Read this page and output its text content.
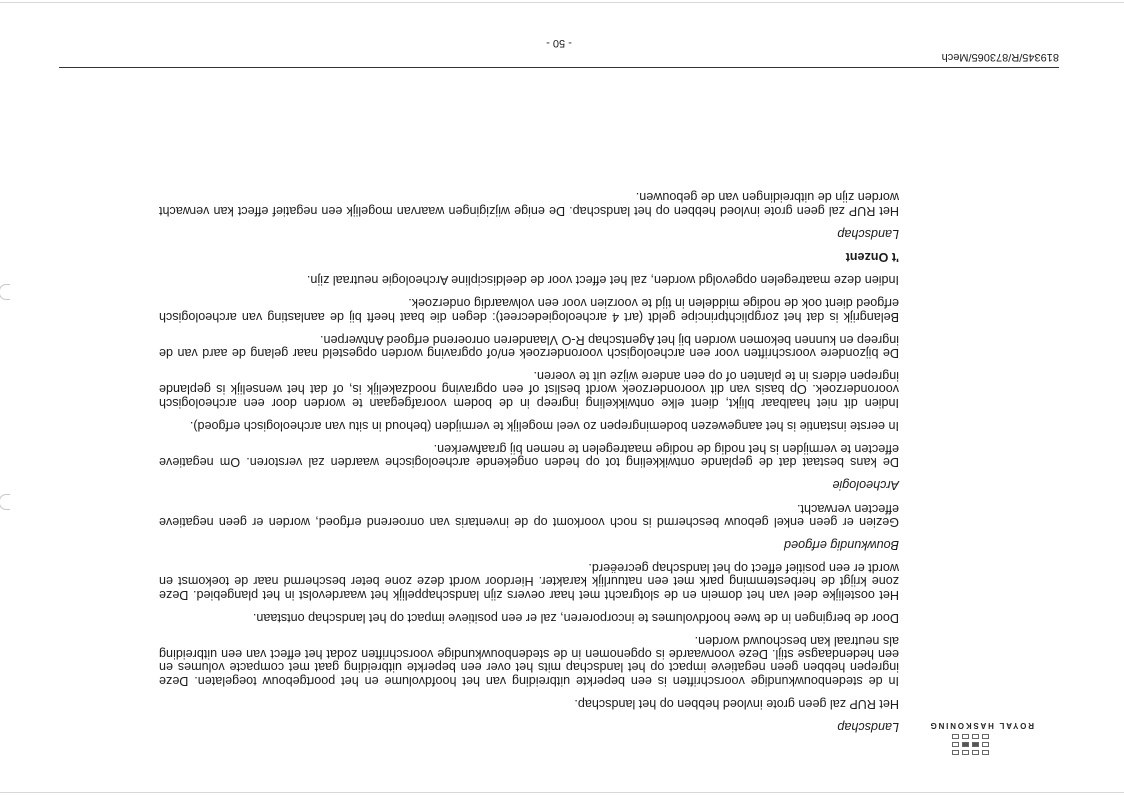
ROYAL HASKONING
Landschap

Het RUP zal geen grote invloed hebben op het landschap.

In de stedenbouwkundige voorschriften is een beperkte uitbreiding van het hoofdvolume en het poortgebouw toegelaten. Deze ingrepen hebben geen negatieve impact op het landschap mits het over een beperkte uitbreiding gaat met compacte volumes en een hedendaagse stijl. Deze voorwaarde is opgenomen in de stedenbouwkundige voorschriften zodat het effect van een uitbreiding als neutraal kan beschouwd worden.

Door de bergingen in de twee hoofdvolumes te incorporeren, zal er een positieve impact op het landschap ontstaan.

Het oostelijke deel van het domein en de slotgracht met haar oevers zijn landschappelijk het waardevolst in het plangebied. Deze zone krijgt de herbestemming park met een natuurlijk karakter. Hierdoor wordt deze zone beter beschermd naar de toekomst en wordt er een positief effect op het landschap gecreëerd.

Bouwkundig erfgoed

Gezien er geen enkel gebouw beschermd is noch voorkomt op de inventaris van onroerend erfgoed, worden er geen negatieve effecten verwacht.

Archeologie

De kans bestaat dat de geplande ontwikkeling tot op heden ongekende archeologische waarden zal verstoren. Om negatieve effecten te vermijden is het nodig de nodige maatregelen te nemen bij graafwerken.

In eerste instantie is het aangewezen bodemingrepen zo veel mogelijk te vermijden (behoud in situ van archeologisch erfgoed).

Indien dit niet haalbaar blijkt, dient elke ontwikkeling ingreep in de bodem voorafgegaan te worden door een archeologisch vooronderzoek. Op basis van dit vooronderzoek wordt beslist of een opgraving noodzakelijk is, of dat het wenselijk is geplande ingrepen elders in te planten of op een andere wijze uit te voeren.

De bijzondere voorschriften voor een archeologisch vooronderzoek en/of opgraving worden opgesteld naar gelang de aard van de ingreep en kunnen bekomen worden bij het Agentschap R-O Vlaanderen onroerend erfgoed Antwerpen.

Belangrijk is dat het zorgplichtprincipe geldt (art 4 archeologiedecreet): degen die baat heeft bij de aanlasting van archeologisch erfgoed dient ook de nodige middelen in tijd te voorzien voor een volwaardig onderzoek.

Indien deze maatregelen opgevolgd worden, zal het effect voor de deeldiscipline Archeologie neutraal zijn.

't Onzent
Landschap

Het RUP zal geen grote invloed hebben op het landschap. De enige wijzigingen waarvan mogelijk een negatief effect kan verwacht worden zijn de uitbreidingen van de gebouwen.

819345/R/873065/Mech
- 50 -
